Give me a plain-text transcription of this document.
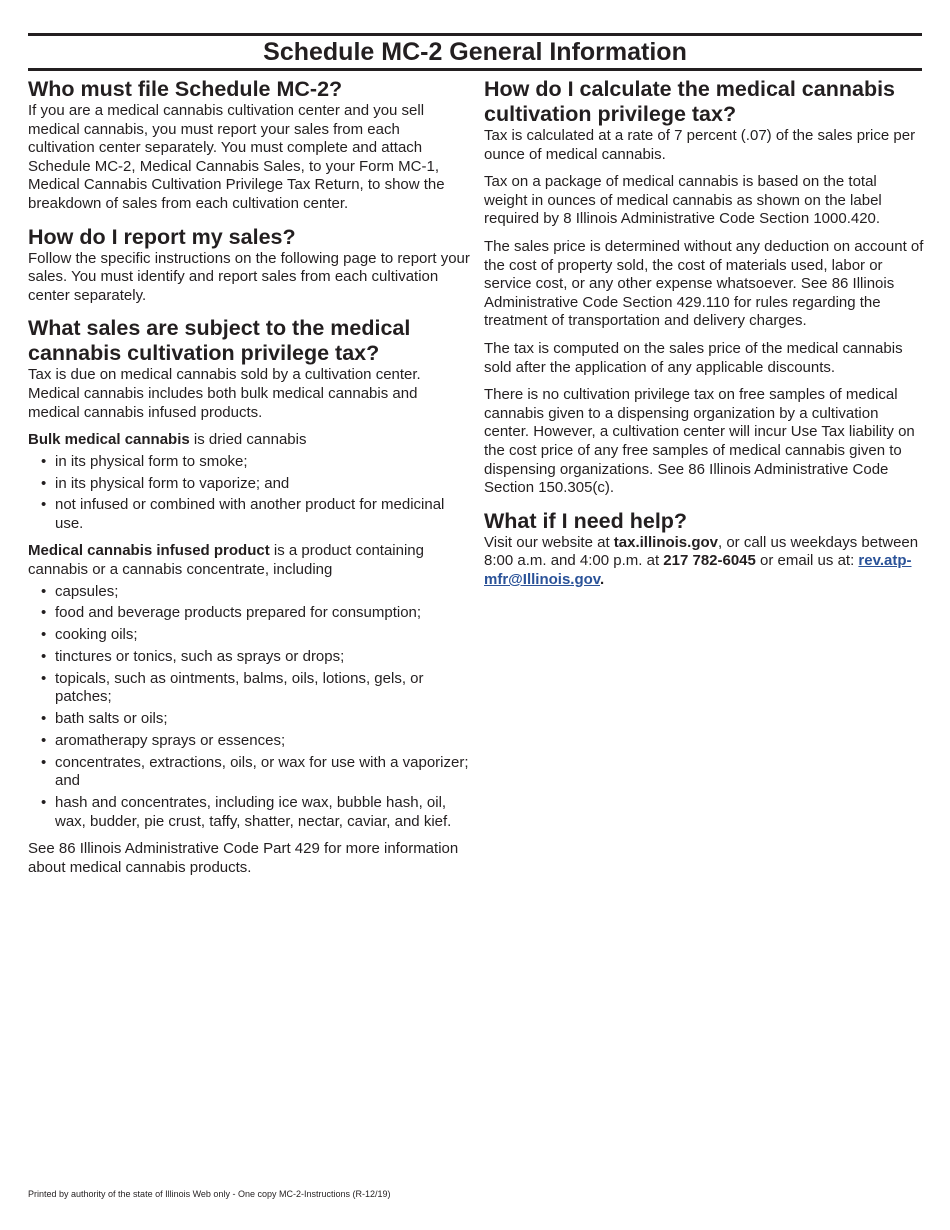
Schedule MC-2 General Information
Who must file Schedule MC-2?

If you are a medical cannabis cultivation center and you sell medical cannabis, you must report your sales from each cultivation center separately. You must complete and attach Schedule MC-2, Medical Cannabis Sales, to your Form MC-1, Medical Cannabis Cultivation Privilege Tax Return, to show the breakdown of sales from each cultivation center.

How do I report my sales?

Follow the specific instructions on the following page to report your sales. You must identify and report sales from each cultivation center separately.

What sales are subject to the medical cannabis cultivation privilege tax?

Tax is due on medical cannabis sold by a cultivation center. Medical cannabis includes both bulk medical cannabis and medical cannabis infused products.

Bulk medical cannabis is dried cannabis

• in its physical form to smoke;
• in its physical form to vaporize; and
• not infused or combined with another product for medicinal use.

Medical cannabis infused product is a product containing cannabis or a cannabis concentrate, including

• capsules;
• food and beverage products prepared for consumption;
• cooking oils;
• tinctures or tonics, such as sprays or drops;
• topicals, such as ointments, balms, oils, lotions, gels, or patches;
• bath salts or oils;
• aromatherapy sprays or essences;
• concentrates, extractions, oils, or wax for use with a vaporizer; and
• hash and concentrates, including ice wax, bubble hash, oil, wax, budder, pie crust, taffy, shatter, nectar, caviar, and kief.

See 86 Illinois Administrative Code Part 429 for more information about medical cannabis products.

How do I calculate the medical cannabis cultivation privilege tax?

Tax is calculated at a rate of 7 percent (.07) of the sales price per ounce of medical cannabis.

Tax on a package of medical cannabis is based on the total weight in ounces of medical cannabis as shown on the label required by 8 Illinois Administrative Code Section 1000.420.

The sales price is determined without any deduction on account of the cost of property sold, the cost of materials used, labor or service cost, or any other expense whatsoever. See 86 Illinois Administrative Code Section 429.110 for rules regarding the treatment of transportation and delivery charges.

The tax is computed on the sales price of the medical cannabis sold after the application of any applicable discounts.

There is no cultivation privilege tax on free samples of medical cannabis given to a dispensing organization by a cultivation center. However, a cultivation center will incur Use Tax liability on the cost price of any free samples of medical cannabis given to dispensing organizations. See 86 Illinois Administrative Code Section 150.305(c).

What if I need help?

Visit our website at tax.illinois.gov, or call us weekdays between 8:00 a.m. and 4:00 p.m. at 217 782-6045 or email us at: rev.atp-mfr@Illinois.gov.

Printed by authority of the state of Illinois Web only - One copy MC-2-Instructions (R-12/19)
